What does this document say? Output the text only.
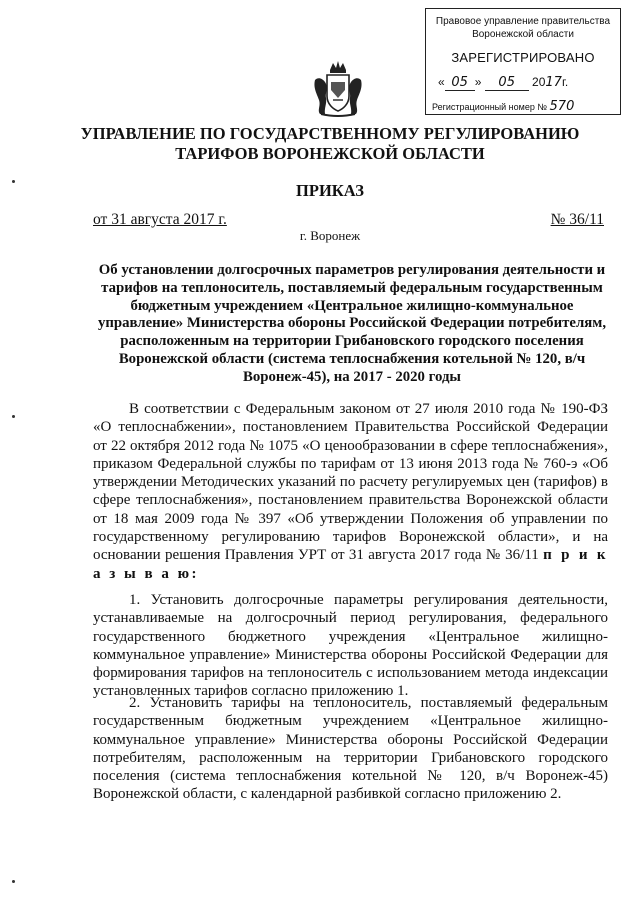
Правовое управление правительства
Воронежской области
ЗАРЕГИСТРИРОВАНО
« 05 » 05 2017г.
Регистрационный номер № 570
УПРАВЛЕНИЕ ПО ГОСУДАРСТВЕННОМУ РЕГУЛИРОВАНИЮ
ТАРИФОВ ВОРОНЕЖСКОЙ ОБЛАСТИ
ПРИКАЗ
от 31 августа 2017 г.	№ 36/11
г. Воронеж
Об установлении долгосрочных параметров регулирования деятельности и тарифов на теплоноситель, поставляемый федеральным государственным бюджетным учреждением «Центральное жилищно-коммунальное управление» Министерства обороны Российской Федерации потребителям, расположенным на территории Грибановского городского поселения Воронежской области (система теплоснабжения котельной № 120, в/ч Воронеж-45), на 2017 - 2020 годы

В соответствии с Федеральным законом от 27 июля 2010 года № 190-ФЗ «О теплоснабжении», постановлением Правительства Российской Федерации от 22 октября 2012 года № 1075 «О ценообразовании в сфере теплоснабжения», приказом Федеральной службы по тарифам от 13 июня 2013 года № 760-э «Об утверждении Методических указаний по расчету регулируемых цен (тарифов) в сфере теплоснабжения», постановлением правительства Воронежской области от 18 мая 2009 года № 397 «Об утверждении Положения об управлении по государственному регулированию тарифов Воронежской области», и на основании решения Правления УРТ от 31 августа 2017 года № 36/11 п р и к а з ы в а ю:

1. Установить долгосрочные параметры регулирования деятельности, устанавливаемые на долгосрочный период регулирования, федерального государственного бюджетного учреждения «Центральное жилищно-коммунальное управление» Министерства обороны Российской Федерации для формирования тарифов на теплоноситель с использованием метода индексации установленных тарифов согласно приложению 1.

2. Установить тарифы на теплоноситель, поставляемый федеральным государственным бюджетным учреждением «Центральное жилищно-коммунальное управление» Министерства обороны Российской Федерации потребителям, расположенным на территории Грибановского городского поселения (система теплоснабжения котельной № 120, в/ч Воронеж-45) Воронежской области, с календарной разбивкой согласно приложению 2.
